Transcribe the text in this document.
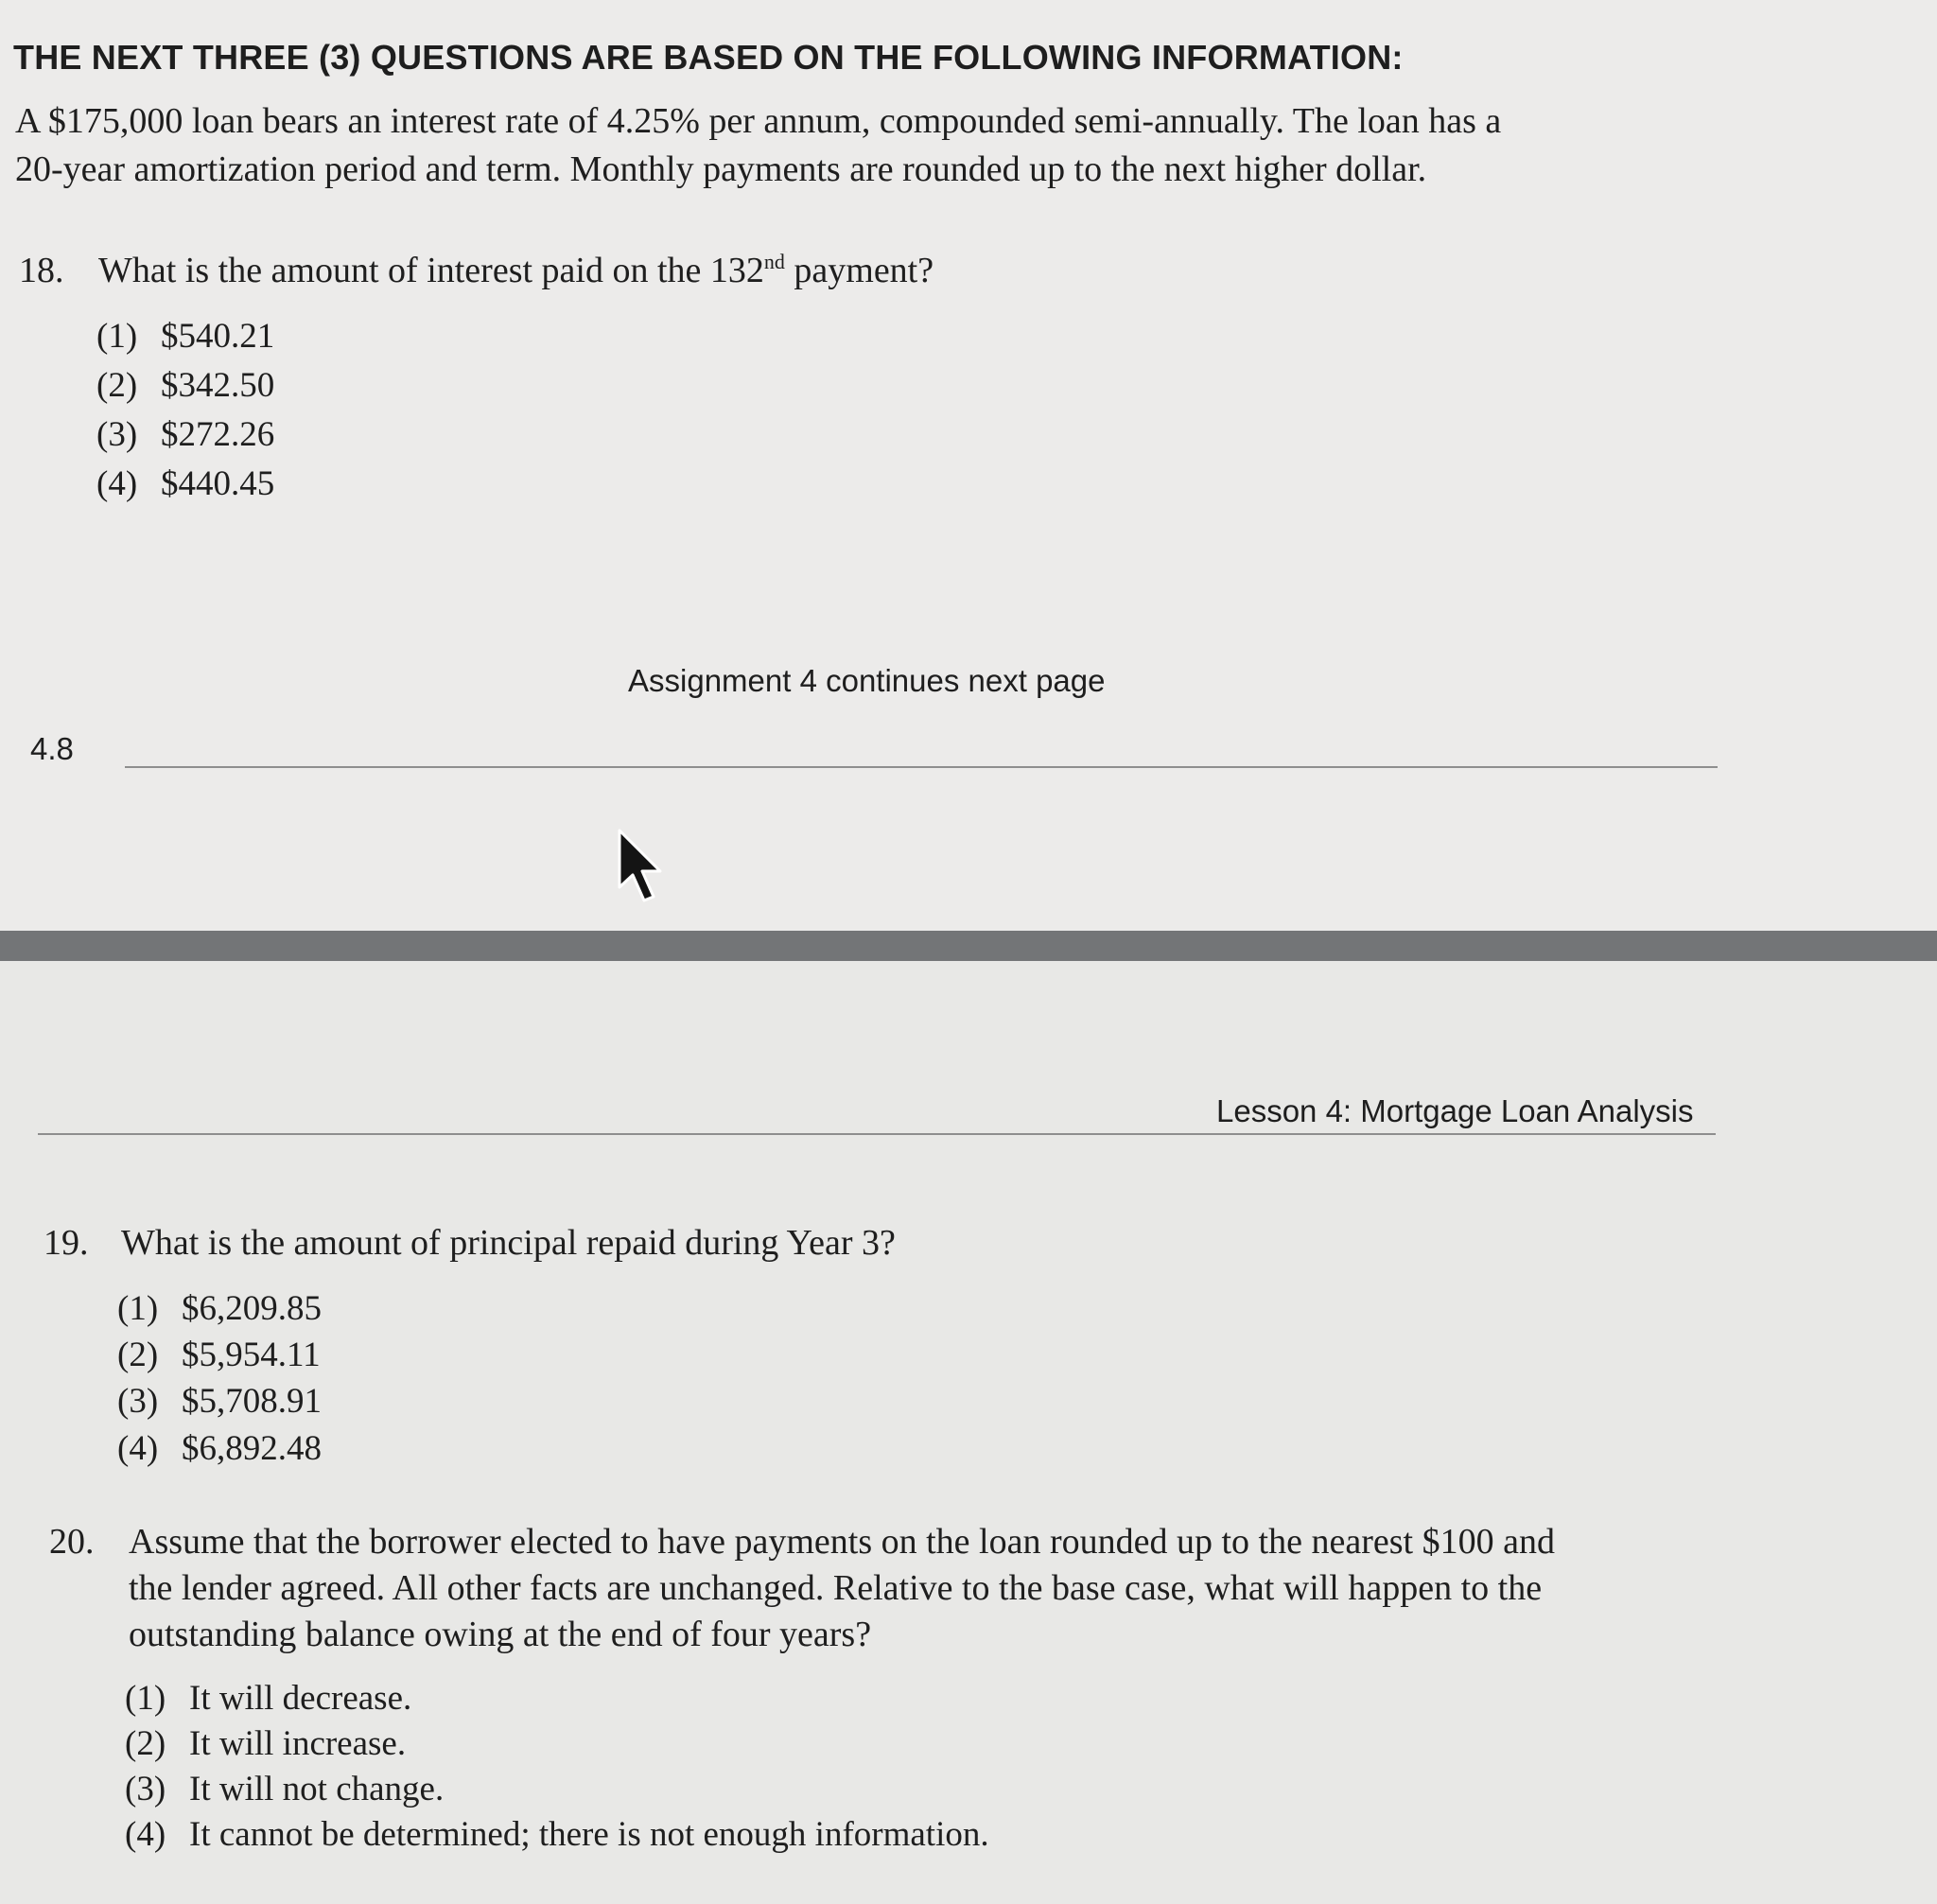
THE NEXT THREE (3) QUESTIONS ARE BASED ON THE FOLLOWING INFORMATION:
A $175,000 loan bears an interest rate of 4.25% per annum, compounded semi-annually. The loan has a
20-year amortization period and term. Monthly payments are rounded up to the next higher dollar.
18. What is the amount of interest paid on the 132nd payment?
(1) $540.21
(2) $342.50
(3) $272.26
(4) $440.45
Assignment 4 continues next page
4.8
Lesson 4: Mortgage Loan Analysis
19. What is the amount of principal repaid during Year 3?
(1) $6,209.85
(2) $5,954.11
(3) $5,708.91
(4) $6,892.48
20. Assume that the borrower elected to have payments on the loan rounded up to the nearest $100 and
the lender agreed. All other facts are unchanged. Relative to the base case, what will happen to the
outstanding balance owing at the end of four years?
(1) It will decrease.
(2) It will increase.
(3) It will not change.
(4) It cannot be determined; there is not enough information.
